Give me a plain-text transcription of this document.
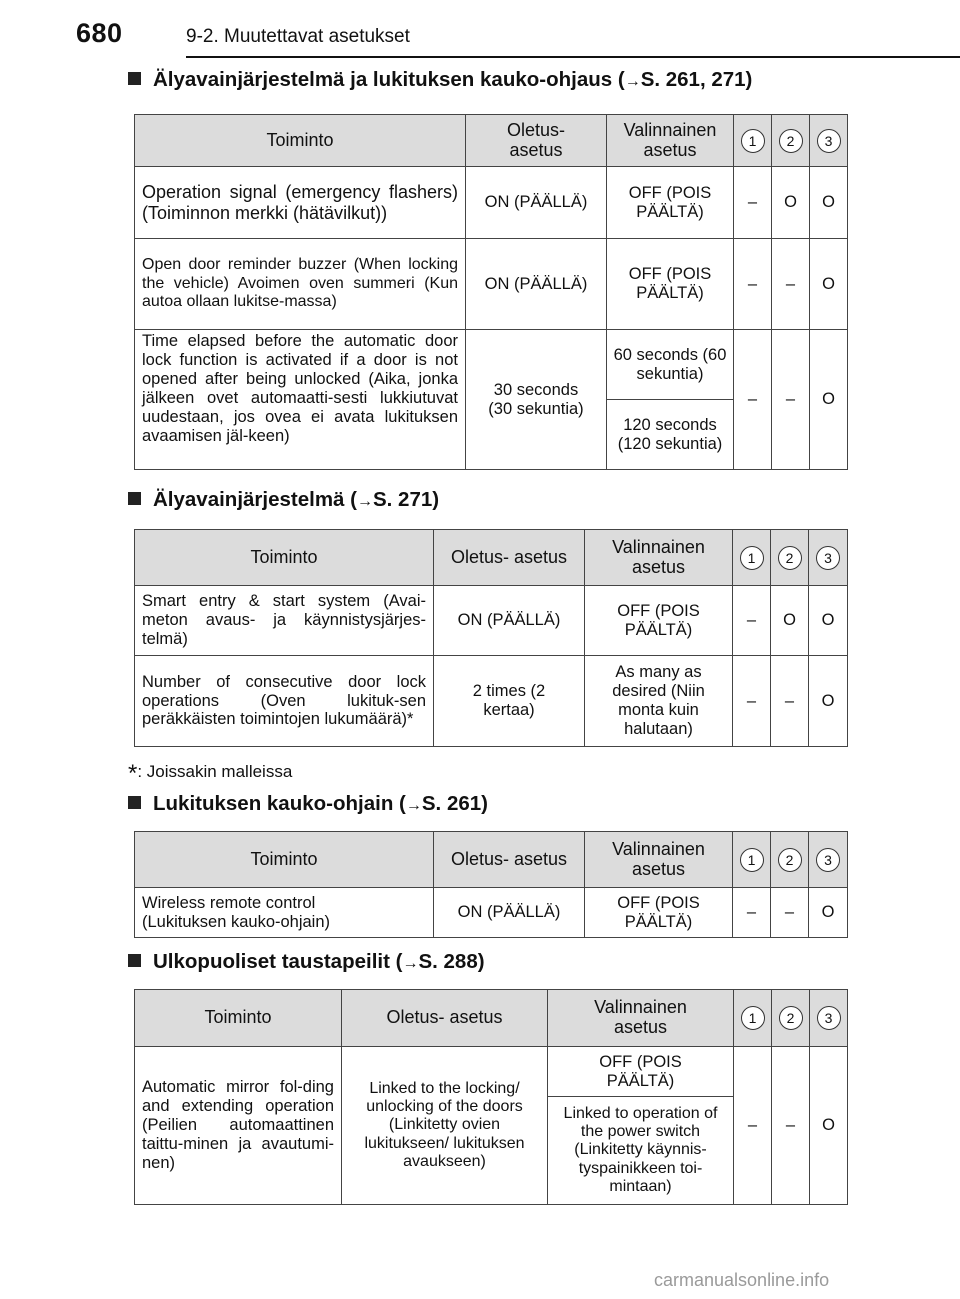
680	9-2. Muutettavat asetukset
Älyavainjärjestelmä ja lukituksen kauko-ohjaus (→S. 261, 271)
Toiminto	Oletus- asetus	Valinnainen asetus	1	2	3
Operation signal (emergency flashers) (Toiminnon merkki (hätävilkut))	ON (PÄÄLLÄ)	OFF (POIS PÄÄLTÄ)	–	O	O
Open door reminder buzzer (When locking the vehicle) Avoimen oven summeri (Kun autoa ollaan lukitse-massa)	ON (PÄÄLLÄ)	OFF (POIS PÄÄLTÄ)	–	–	O
Time elapsed before the automatic door lock function is activated if a door is not opened after being unlocked (Aika, jonka jälkeen ovet automaatti-sesti lukkiutuvat uudestaan, jos ovea ei avata lukituksen avaamisen jäl-keen)	30 seconds (30 sekuntia)	60 seconds (60 sekuntia)	–	–	O
		120 seconds (120 sekuntia)			
Älyavainjärjestelmä (→S. 271)
Toiminto	Oletus- asetus	Valinnainen asetus	1	2	3
Smart entry & start system (Avai-meton avaus- ja käynnistysjärjes-telmä)	ON (PÄÄLLÄ)	OFF (POIS PÄÄLTÄ)	–	O	O
Number of consecutive door lock operations (Oven lukituk-sen peräkkäisten toimintojen lukumäärä)*	2 times (2 kertaa)	As many as desired (Niin monta kuin halutaan)	–	–	O
*: Joissakin malleissa
Lukituksen kauko-ohjain (→S. 261)
Toiminto	Oletus- asetus	Valinnainen asetus	1	2	3
Wireless remote control (Lukituksen kauko-ohjain)	ON (PÄÄLLÄ)	OFF (POIS PÄÄLTÄ)	–	–	O
Ulkopuoliset taustapeilit (→S. 288)
Toiminto	Oletus- asetus	Valinnainen asetus	1	2	3
Automatic mirror fol-ding and extending operation (Peilien automaattinen taittu-minen ja avautumi-nen)	Linked to the locking/ unlocking of the doors (Linkitetty ovien lukitukseen/ lukituksen avaukseen)	OFF (POIS PÄÄLTÄ)	–	–	O
		Linked to operation of the power switch (Linkitetty käynnis-tyspainikkeen toi-mintaan)			
carmanualsonline.info
